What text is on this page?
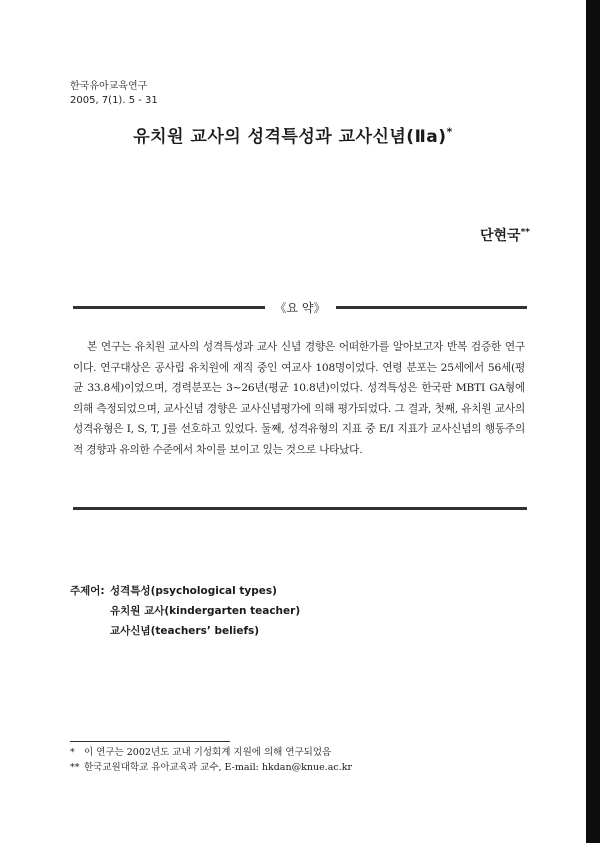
한국유아교육연구
2005, 7(1). 5 - 31
유치원 교사의 성격특성과 교사신념(Ⅱa)*
단현국**
《요 약》
본 연구는 유치원 교사의 성격특성과 교사 신념 경향은 어떠한가를 알아보고자 반복 검증한 연구이다. 연구대상은 공사립 유치원에 재직 중인 여교사 108명이었다. 연령 분포는 25세에서 56세(평균 33.8세)이었으며, 경력분포는 3~26년(평균 10.8년)이었다. 성격특성은 한국판 MBTI GA형에 의해 측정되었으며, 교사신념 경향은 교사신념평가에 의해 평가되었다. 그 결과, 첫째, 유치원 교사의 성격유형은 I, S, T, J를 선호하고 있었다. 둘째, 성격유형의 지표 중 E/I 지표가 교사신념의 행동주의적 경향과 유의한 수준에서 차이를 보이고 있는 것으로 나타났다.
주제어: 성격특성(psychological types)
유치원 교사(kindergarten teacher)
교사신념(teachers’ beliefs)
* 이 연구는 2002년도 교내 기성회계 지원에 의해 연구되었음
** 한국교원대학교 유아교육과 교수, E-mail: hkdan@knue.ac.kr
